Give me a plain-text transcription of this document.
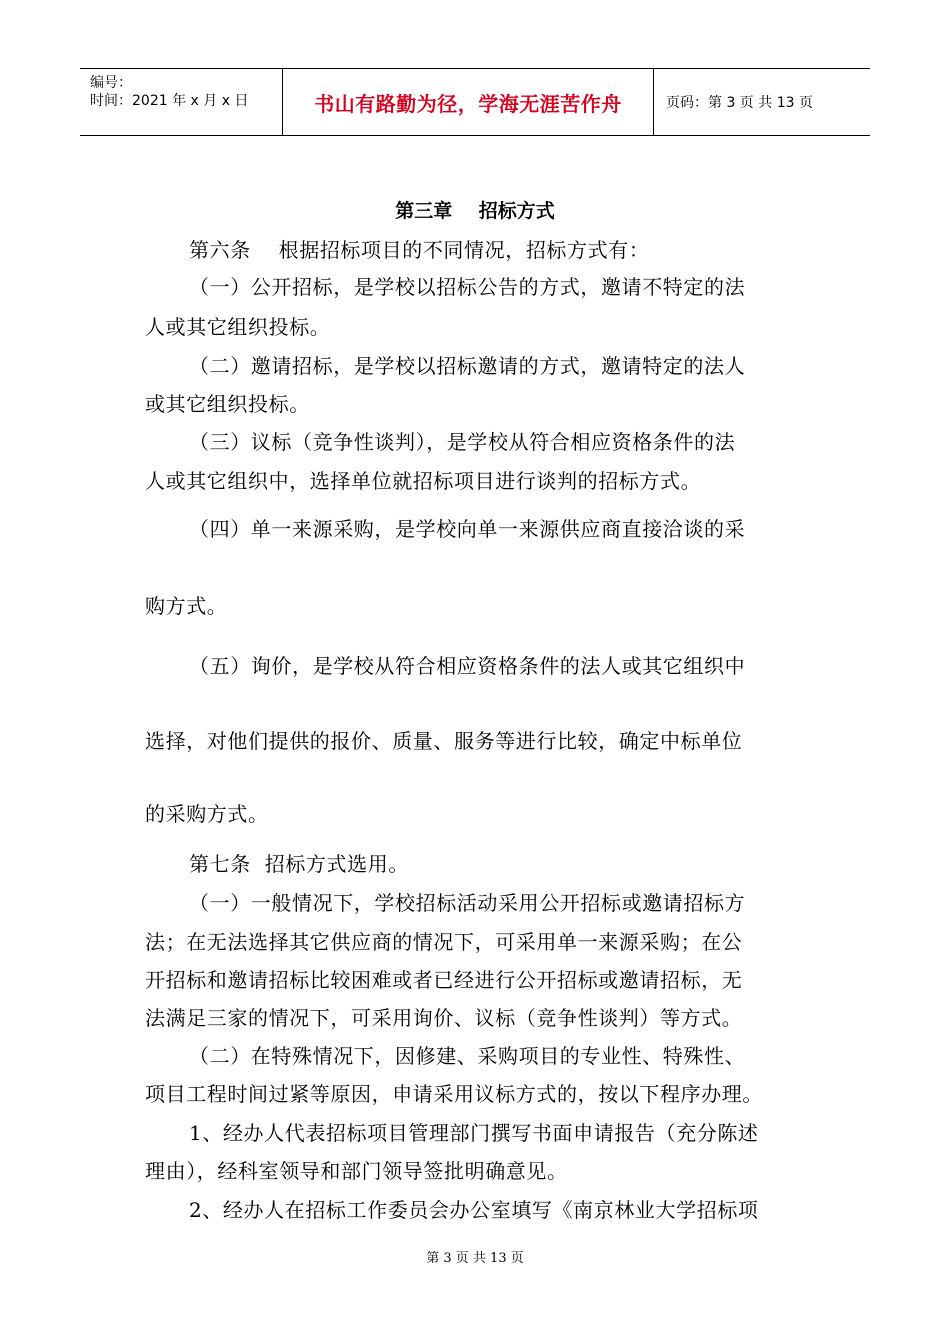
编号：
时间：2021 年 x 月 x 日	书山有路勤为径，学海无涯苦作舟	页码：第 3 页 共 13 页
第三章    招标方式
第六条    根据招标项目的不同情况，招标方式有：
（一）公开招标，是学校以招标公告的方式，邀请不特定的法
人或其它组织投标。
（二）邀请招标，是学校以招标邀请的方式，邀请特定的法人
或其它组织投标。
（三）议标（竞争性谈判），是学校从符合相应资格条件的法
人或其它组织中，选择单位就招标项目进行谈判的招标方式。
（四）单一来源采购，是学校向单一来源供应商直接洽谈的采
购方式。
（五）询价，是学校从符合相应资格条件的法人或其它组织中
选择，对他们提供的报价、质量、服务等进行比较，确定中标单位
的采购方式。
第七条  招标方式选用。
（一）一般情况下，学校招标活动采用公开招标或邀请招标方
法；在无法选择其它供应商的情况下，可采用单一来源采购；在公
开招标和邀请招标比较困难或者已经进行公开招标或邀请招标，无
法满足三家的情况下，可采用询价、议标（竞争性谈判）等方式。
（二）在特殊情况下，因修建、采购项目的专业性、特殊性、
项目工程时间过紧等原因，申请采用议标方式的，按以下程序办理。
1、经办人代表招标项目管理部门撰写书面申请报告（充分陈述
理由），经科室领导和部门领导签批明确意见。
2、经办人在招标工作委员会办公室填写《南京林业大学招标项
第 3 页 共 13 页
